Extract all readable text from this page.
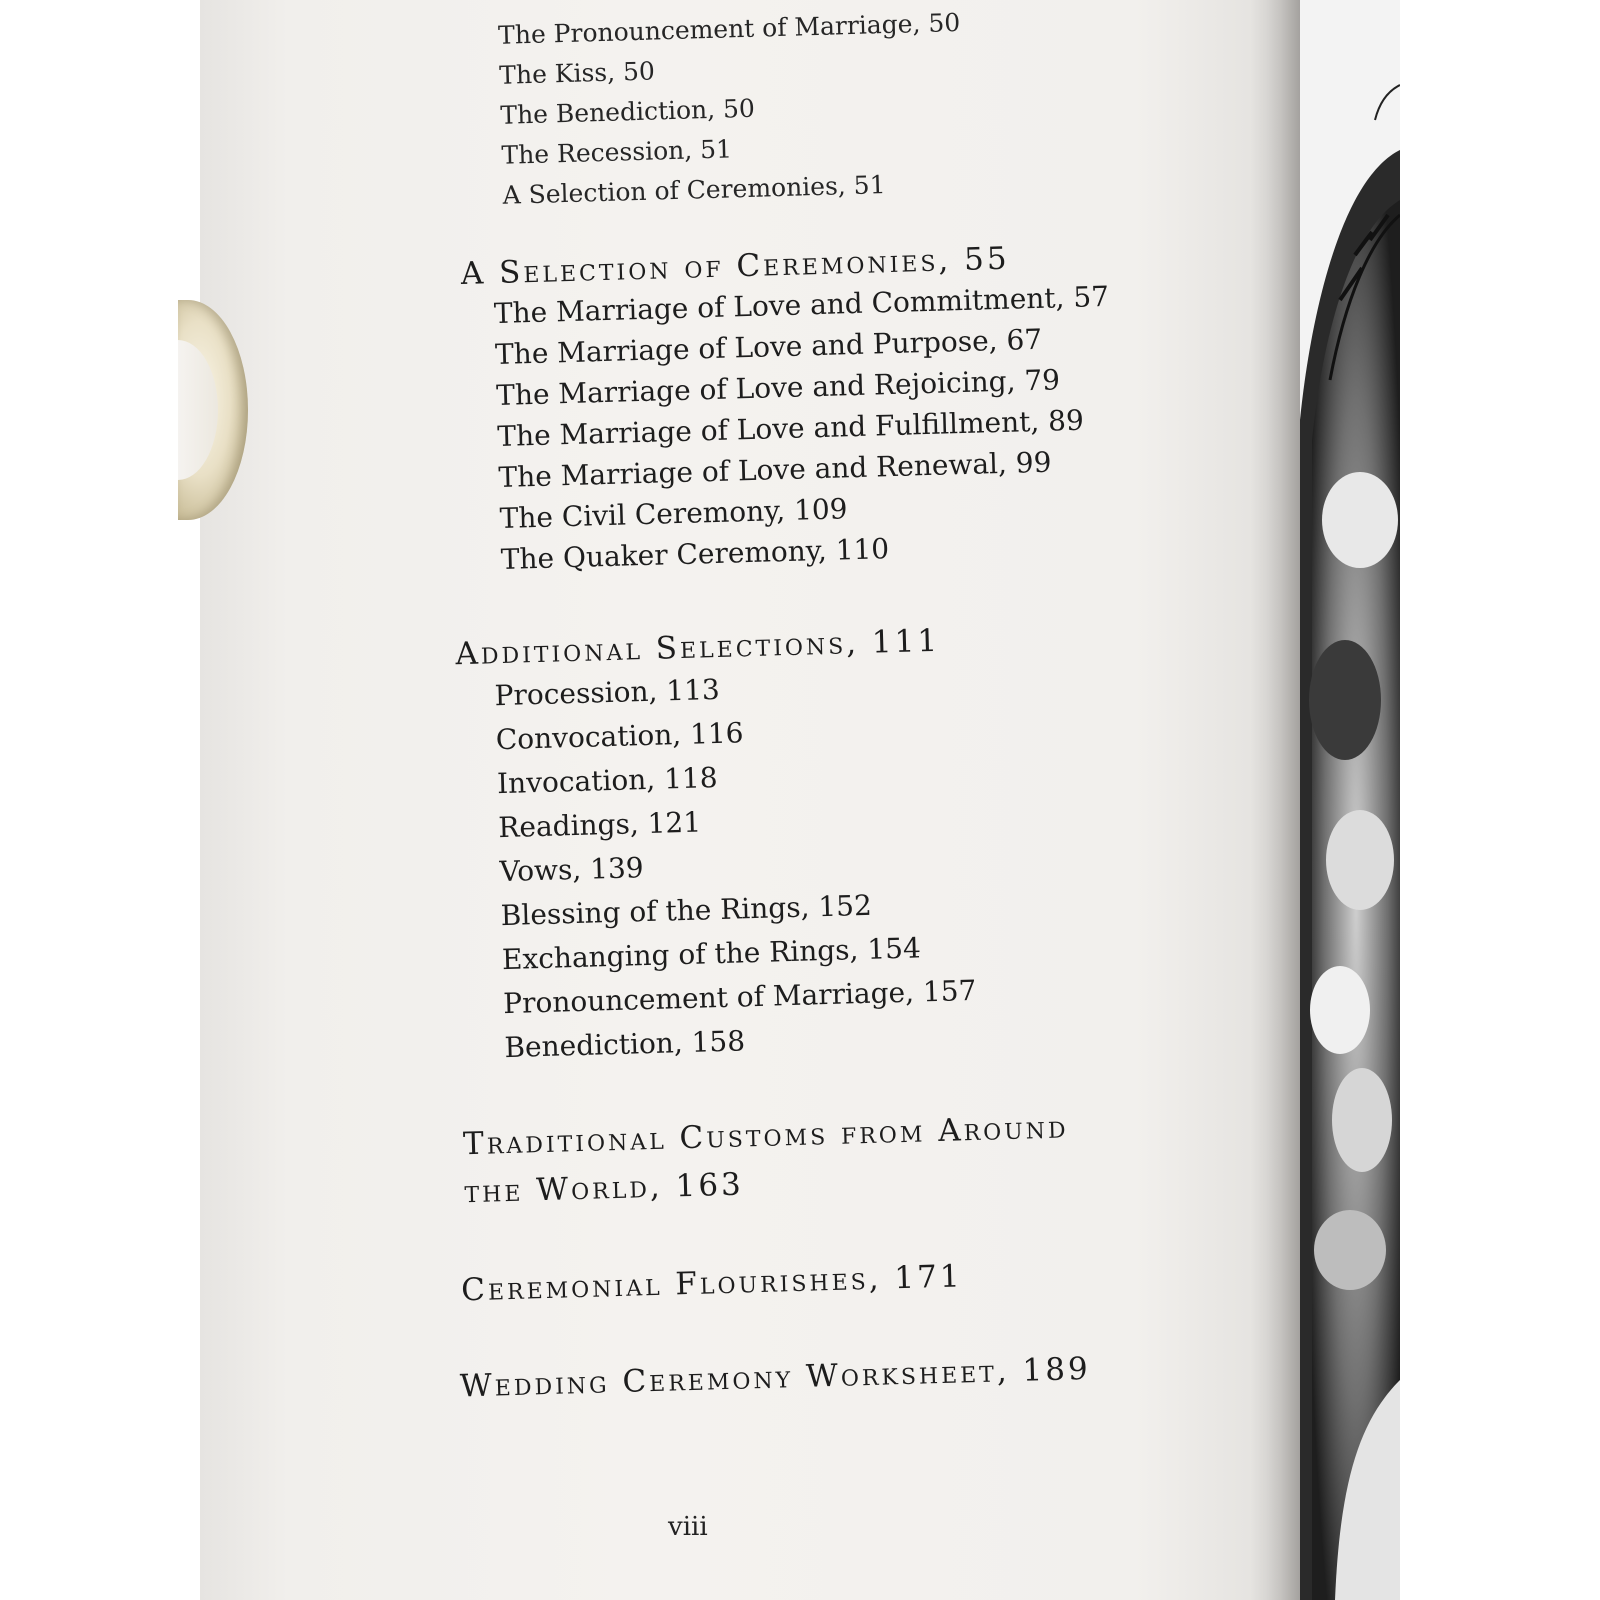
The Pronouncement of Marriage, 50
The Kiss, 50
The Benediction, 50
The Recession, 51
A Selection of Ceremonies, 51
A Selection of Ceremonies, 55
The Marriage of Love and Commitment, 57
The Marriage of Love and Purpose, 67
The Marriage of Love and Rejoicing, 79
The Marriage of Love and Fulfillment, 89
The Marriage of Love and Renewal, 99
The Civil Ceremony, 109
The Quaker Ceremony, 110
Additional Selections, 111
Procession, 113
Convocation, 116
Invocation, 118
Readings, 121
Vows, 139
Blessing of the Rings, 152
Exchanging of the Rings, 154
Pronouncement of Marriage, 157
Benediction, 158
Traditional Customs from Around
the World, 163
Ceremonial Flourishes, 171
Wedding Ceremony Worksheet, 189
viii
